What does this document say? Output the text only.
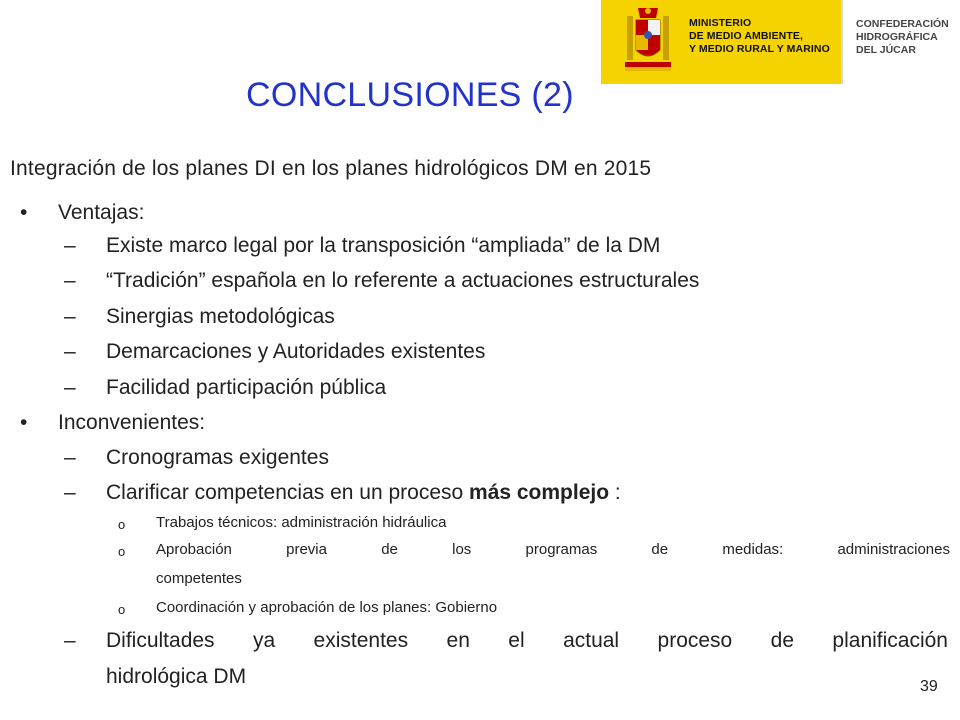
MINISTERIO
DE MEDIO AMBIENTE,
Y MEDIO RURAL Y MARINO
CONFEDERACIÓN
HIDROGRÁFICA
DEL JÚCAR
CONCLUSIONES (2)
Integración de los planes DI en los planes hidrológicos DM en 2015
• Ventajas:
– Existe marco legal por la transposición “ampliada” de la DM
– “Tradición” española en lo referente a actuaciones estructurales
– Sinergias metodológicas
– Demarcaciones y Autoridades existentes
– Facilidad participación pública
• Inconvenientes:
– Cronogramas exigentes
– Clarificar competencias en un proceso más complejo :
o Trabajos técnicos: administración hidráulica
o Aprobación previa de los programas de medidas: administraciones
competentes
o Coordinación y aprobación de los planes: Gobierno
– Dificultades ya existentes en el actual proceso de planificación
hidrológica DM	39
